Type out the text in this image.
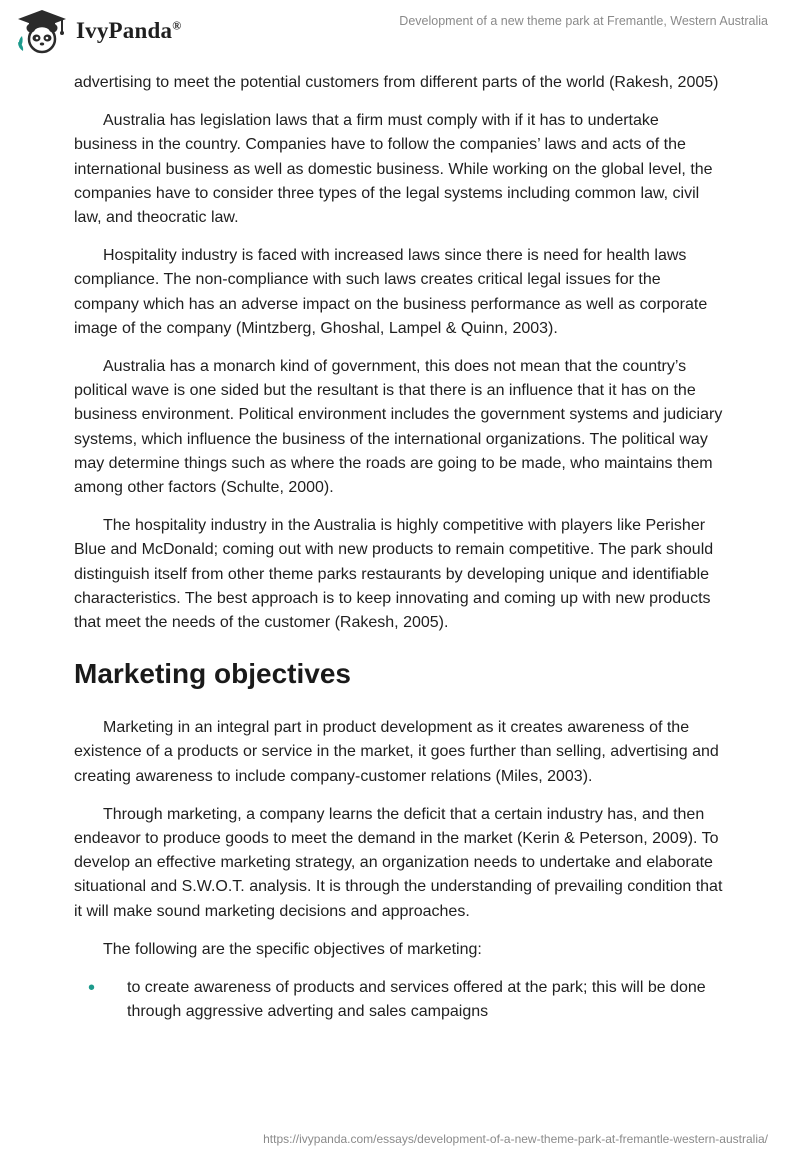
IvyPanda®	Development of a new theme park at Fremantle, Western Australia

advertising to meet the potential customers from different parts of the world (Rakesh, 2005)

Australia has legislation laws that a firm must comply with if it has to undertake business in the country. Companies have to follow the companies’ laws and acts of the international business as well as domestic business. While working on the global level, the companies have to consider three types of the legal systems including common law, civil law, and theocratic law.

Hospitality industry is faced with increased laws since there is need for health laws compliance. The non-compliance with such laws creates critical legal issues for the company which has an adverse impact on the business performance as well as corporate image of the company (Mintzberg, Ghoshal, Lampel & Quinn, 2003).

Australia has a monarch kind of government, this does not mean that the country’s political wave is one sided but the resultant is that there is an influence that it has on the business environment. Political environment includes the government systems and judiciary systems, which influence the business of the international organizations. The political way may determine things such as where the roads are going to be made, who maintains them among other factors (Schulte, 2000).

The hospitality industry in the Australia is highly competitive with players like Perisher Blue and McDonald; coming out with new products to remain competitive. The park should distinguish itself from other theme parks restaurants by developing unique and identifiable characteristics. The best approach is to keep innovating and coming up with new products that meet the needs of the customer (Rakesh, 2005).

Marketing objectives

Marketing in an integral part in product development as it creates awareness of the existence of a products or service in the market, it goes further than selling, advertising and creating awareness to include company-customer relations (Miles, 2003).

Through marketing, a company learns the deficit that a certain industry has, and then endeavor to produce goods to meet the demand in the market (Kerin & Peterson, 2009). To develop an effective marketing strategy, an organization needs to undertake and elaborate situational and S.W.O.T. analysis. It is through the understanding of prevailing condition that it will make sound marketing decisions and approaches.

The following are the specific objectives of marketing:

• to create awareness of products and services offered at the park; this will be done through aggressive adverting and sales campaigns
https://ivypanda.com/essays/development-of-a-new-theme-park-at-fremantle-western-australia/
